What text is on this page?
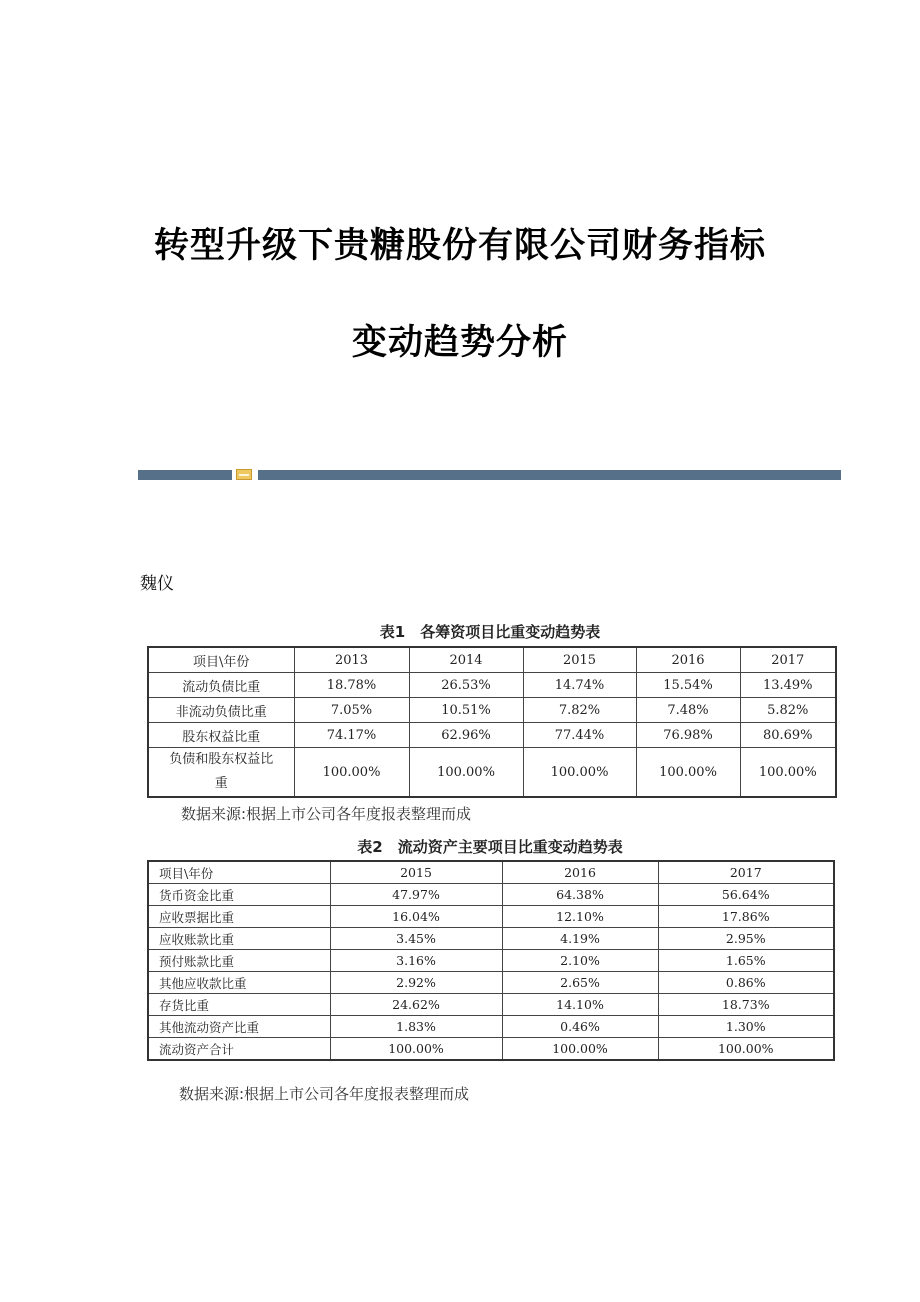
转型升级下贵糖股份有限公司财务指标
变动趋势分析
魏仪
表1　各筹资项目比重变动趋势表
项目\年份	2013	2014	2015	2016	2017
流动负债比重	18.78%	26.53%	14.74%	15.54%	13.49%
非流动负债比重	7.05%	10.51%	7.82%	7.48%	5.82%
股东权益比重	74.17%	62.96%	77.44%	76.98%	80.69%
负债和股东权益比重	100.00%	100.00%	100.00%	100.00%	100.00%
数据来源:根据上市公司各年度报表整理而成
表2　流动资产主要项目比重变动趋势表
项目\年份	2015	2016	2017
货币资金比重	47.97%	64.38%	56.64%
应收票据比重	16.04%	12.10%	17.86%
应收账款比重	3.45%	4.19%	2.95%
预付账款比重	3.16%	2.10%	1.65%
其他应收款比重	2.92%	2.65%	0.86%
存货比重	24.62%	14.10%	18.73%
其他流动资产比重	1.83%	0.46%	1.30%
流动资产合计	100.00%	100.00%	100.00%
数据来源:根据上市公司各年度报表整理而成
